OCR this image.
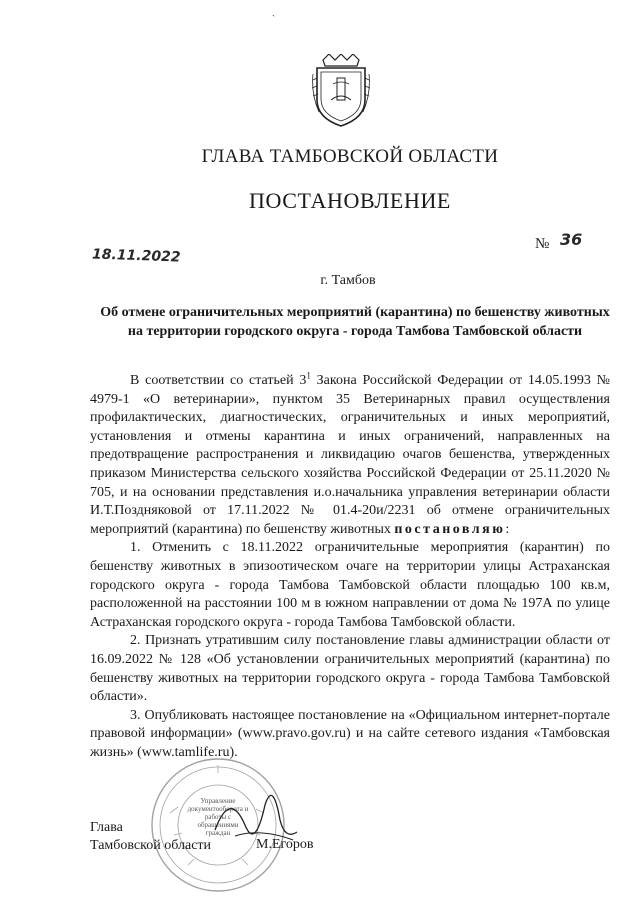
ˎ
ГЛАВА ТАМБОВСКОЙ ОБЛАСТИ
ПОСТАНОВЛЕНИЕ
18.11.2022
№ 36
г. Тамбов
Об отмене ограничительных мероприятий (карантина) по бешенству животных на территории городского округа - города Тамбова Тамбовской области

В соответствии со статьей $3^1$ Закона Российской Федерации от 14.05.1993 № 4979-1 «О ветеринарии», пунктом 35 Ветеринарных правил осуществления профилактических, диагностических, ограничительных и иных мероприятий, установления и отмены карантина и иных ограничений, направленных на предотвращение распространения и ликвидацию очагов бешенства, утвержденных приказом Министерства сельского хозяйства Российской Федерации от 25.11.2020 № 705, и на основании представления и.о.начальника управления ветеринарии области И.Т.Поздняковой от 17.11.2022 № 01.4-20и/2231 об отмене ограничительных мероприятий (карантина) по бешенству животных постановляю:

1. Отменить с 18.11.2022 ограничительные мероприятия (карантин) по бешенству животных в эпизоотическом очаге на территории улицы Астраханская городского округа - города Тамбова Тамбовской области площадью 100 кв.м, расположенной на расстоянии 100 м в южном направлении от дома № 197А по улице Астраханская городского округа - города Тамбова Тамбовской области.

2. Признать утратившим силу постановление главы администрации области от 16.09.2022 № 128 «Об установлении ограничительных мероприятий (карантина) по бешенству животных на территории городского округа - города Тамбова Тамбовской области».

3. Опубликовать настоящее постановление на «Официальном интернет-портале правовой информации» (www.pravo.gov.ru) и на сайте сетевого издания «Тамбовская жизнь» (www.tamlife.ru).

Управление документооборота и работы с обращениями граждан
Глава
Тамбовской области	М.Егоров
